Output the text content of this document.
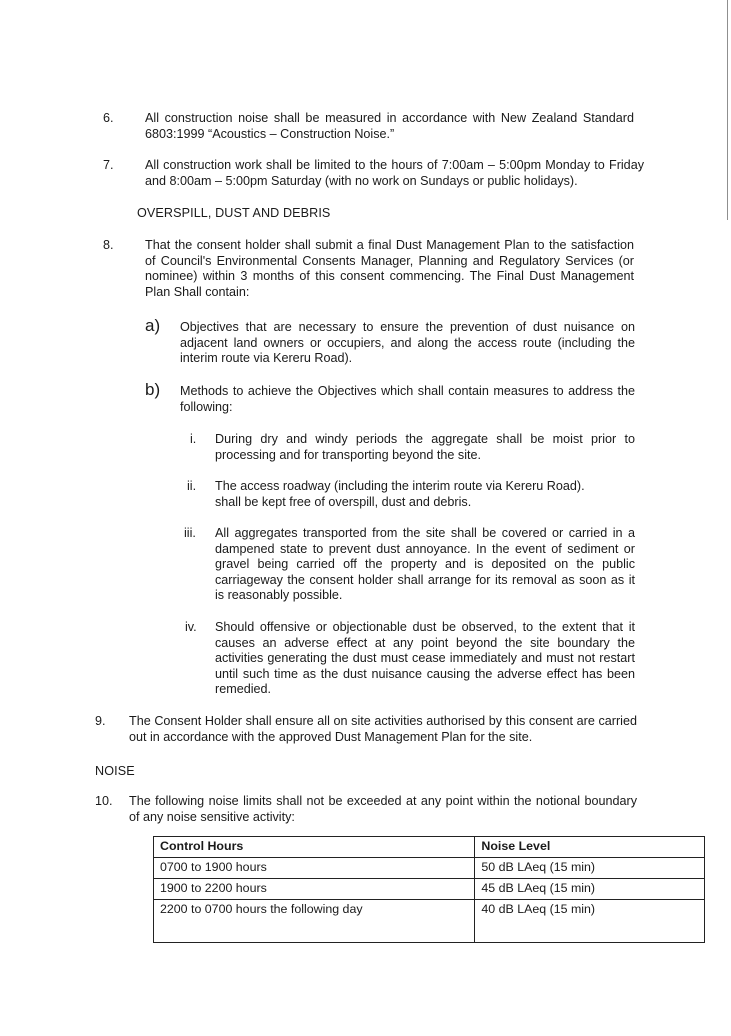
6. All construction noise shall be measured in accordance with New Zealand Standard 6803:1999 “Acoustics – Construction Noise.”
7. All construction work shall be limited to the hours of 7:00am – 5:00pm Monday to Friday and 8:00am – 5:00pm Saturday (with no work on Sundays or public holidays).
OVERSPILL, DUST AND DEBRIS
8. That the consent holder shall submit a final Dust Management Plan to the satisfaction of Council's Environmental Consents Manager, Planning and Regulatory Services (or nominee) within 3 months of this consent commencing. The Final Dust Management Plan Shall contain:
a) Objectives that are necessary to ensure the prevention of dust nuisance on adjacent land owners or occupiers, and along the access route (including the interim route via Kereru Road).
b) Methods to achieve the Objectives which shall contain measures to address the following:
i. During dry and windy periods the aggregate shall be moist prior to processing and for transporting beyond the site.
ii. The access roadway (including the interim route via Kereru Road).
shall be kept free of overspill, dust and debris.
iii. All aggregates transported from the site shall be covered or carried in a dampened state to prevent dust annoyance. In the event of sediment or gravel being carried off the property and is deposited on the public carriageway the consent holder shall arrange for its removal as soon as it is reasonably possible.
iv. Should offensive or objectionable dust be observed, to the extent that it causes an adverse effect at any point beyond the site boundary the activities generating the dust must cease immediately and must not restart until such time as the dust nuisance causing the adverse effect has been remedied.
9. The Consent Holder shall ensure all on site activities authorised by this consent are carried out in accordance with the approved Dust Management Plan for the site.
NOISE
10. The following noise limits shall not be exceeded at any point within the notional boundary of any noise sensitive activity:
Control Hours	Noise Level
0700 to 1900 hours	50 dB LAeq (15 min)
1900 to 2200 hours	45 dB LAeq (15 min)
2200 to 0700 hours the following day	40 dB LAeq (15 min)
